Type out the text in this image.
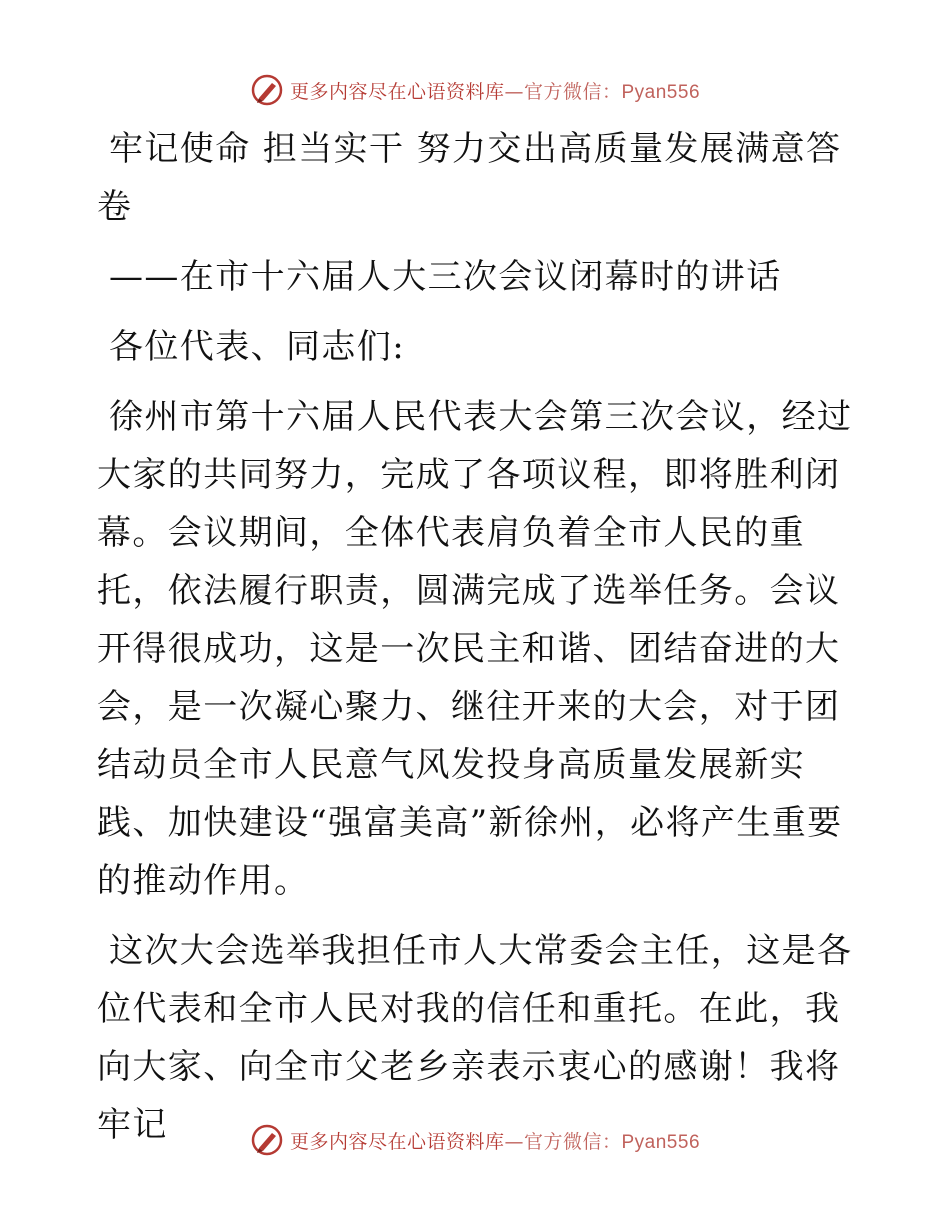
更多内容尽在心语资料库—官方微信：Pyan556

牢记使命 担当实干 努力交出高质量发展满意答卷

——在市十六届人大三次会议闭幕时的讲话

各位代表、同志们:

徐州市第十六届人民代表大会第三次会议，经过大家的共同努力，完成了各项议程，即将胜利闭幕。会议期间，全体代表肩负着全市人民的重托，依法履行职责，圆满完成了选举任务。会议开得很成功，这是一次民主和谐、团结奋进的大会，是一次凝心聚力、继往开来的大会，对于团结动员全市人民意气风发投身高质量发展新实践、加快建设“强富美高”新徐州，必将产生重要的推动作用。

这次大会选举我担任市人大常委会主任，这是各位代表和全市人民对我的信任和重托。在此，我向大家、向全市父老乡亲表示衷心的感谢！我将牢记	更多内容尽在心语资料库—官方微信：Pyan556
